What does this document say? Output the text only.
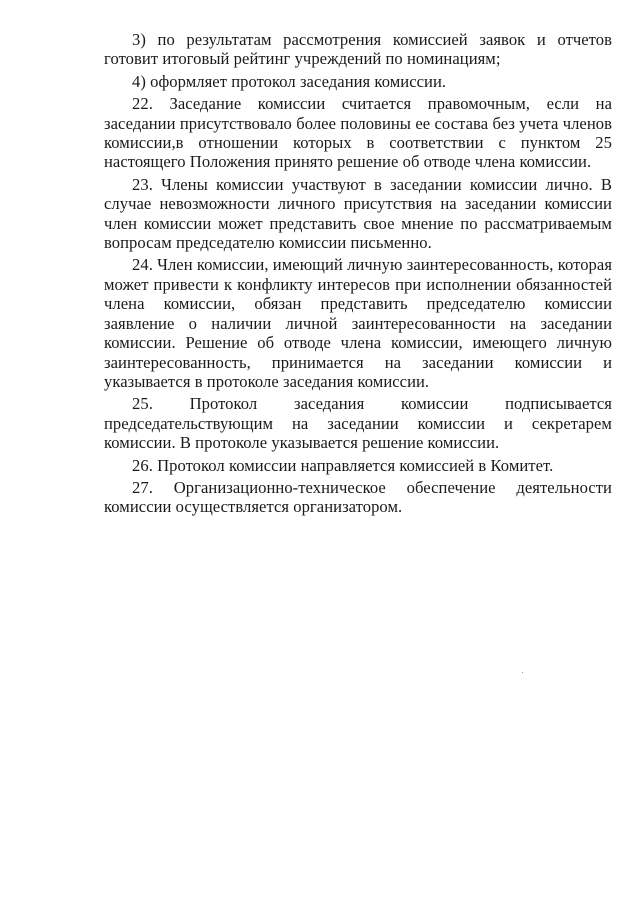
3) по результатам рассмотрения комиссией заявок и отчетов готовит итоговый рейтинг учреждений по номинациям;

4) оформляет протокол заседания комиссии.

22. Заседание комиссии считается правомочным, если на заседании присутствовало более половины ее состава без учета членов комиссии,в отношении которых в соответствии с пунктом 25 настоящего Положения принято решение об отводе члена комиссии.

23. Члены комиссии участвуют в заседании комиссии лично. В случае невозможности личного присутствия на заседании комиссии член комиссии может представить свое мнение по рассматриваемым вопросам председателю комиссии письменно.

24. Член комиссии, имеющий личную заинтересованность, которая может привести к конфликту интересов при исполнении обязанностей члена комиссии, обязан представить председателю комиссии заявление о наличии личной заинтересованности на заседании комиссии. Решение об отводе члена комиссии, имеющего личную заинтересованность, принимается на заседании комиссии и указывается в протоколе заседания комиссии.

25. Протокол заседания комиссии подписывается председательствующим на заседании комиссии и секретарем комиссии. В протоколе указывается решение комиссии.

26. Протокол комиссии направляется комиссией в Комитет.

27. Организационно-техническое обеспечение деятельности комиссии осуществляется организатором.
